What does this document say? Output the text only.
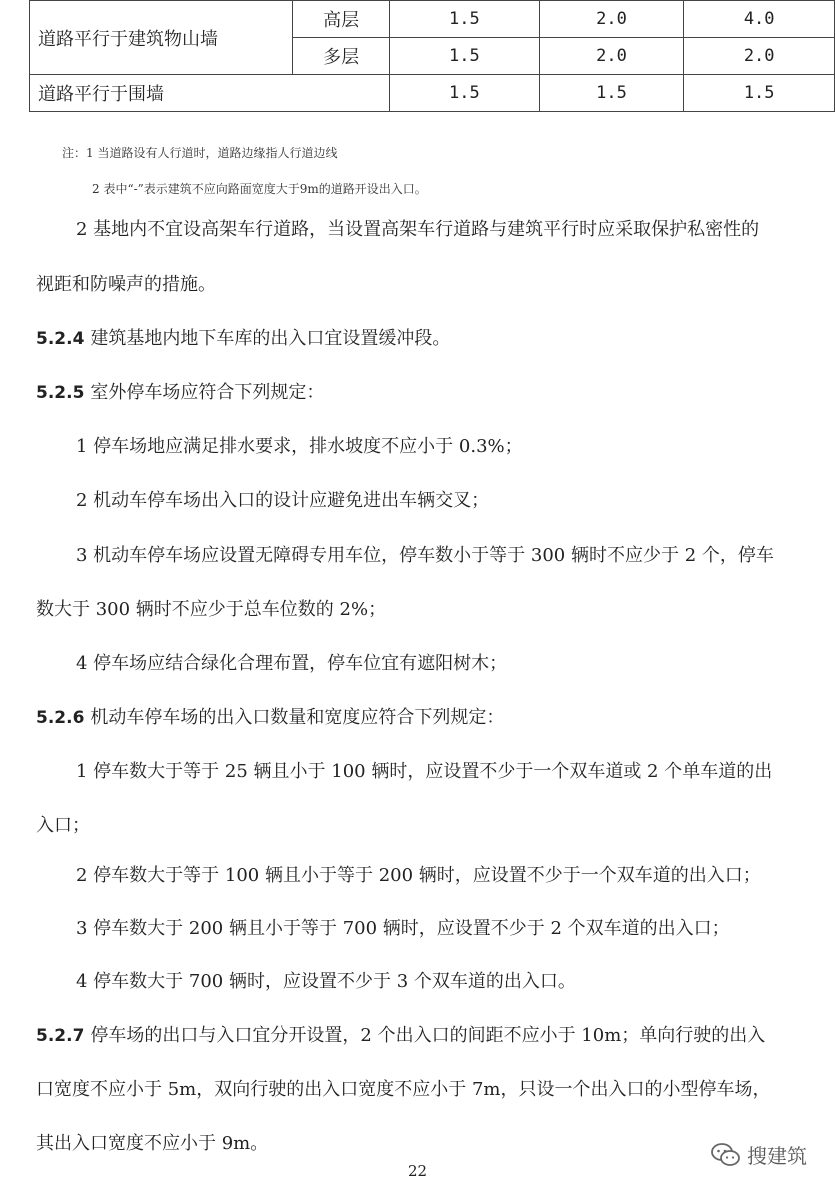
道路平行于建筑物山墙	高层	1.5	2.0	4.0
	多层	1.5	2.0	2.0
道路平行于围墙		1.5	1.5	1.5
注：1 当道路设有人行道时，道路边缘指人行道边线
2 表中“-”表示建筑不应向路面宽度大于9m的道路开设出入口。
2 基地内不宜设高架车行道路，当设置高架车行道路与建筑平行时应采取保护私密性的
视距和防噪声的措施。
5.2.4 建筑基地内地下车库的出入口宜设置缓冲段。
5.2.5 室外停车场应符合下列规定：
1 停车场地应满足排水要求，排水坡度不应小于 0.3%；
2 机动车停车场出入口的设计应避免进出车辆交叉；
3 机动车停车场应设置无障碍专用车位，停车数小于等于 300 辆时不应少于 2 个，停车
数大于 300 辆时不应少于总车位数的 2%；
4 停车场应结合绿化合理布置，停车位宜有遮阳树木；
5.2.6 机动车停车场的出入口数量和宽度应符合下列规定：
1 停车数大于等于 25 辆且小于 100 辆时，应设置不少于一个双车道或 2 个单车道的出
入口；
2 停车数大于等于 100 辆且小于等于 200 辆时，应设置不少于一个双车道的出入口；
3 停车数大于 200 辆且小于等于 700 辆时，应设置不少于 2 个双车道的出入口；
4 停车数大于 700 辆时，应设置不少于 3 个双车道的出入口。
5.2.7 停车场的出口与入口宜分开设置，2 个出入口的间距不应小于 10m；单向行驶的出入
口宽度不应小于 5m，双向行驶的出入口宽度不应小于 7m，只设一个出入口的小型停车场，
其出入口宽度不应小于 9m。
22
搜建筑
